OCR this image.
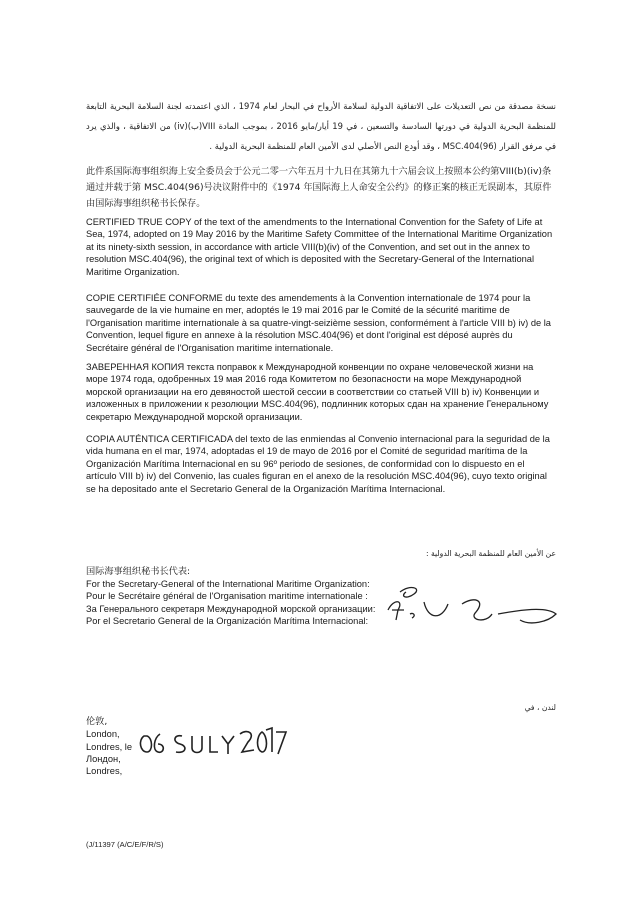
نسخة مصدقة من نص التعديلات على الاتفاقية الدولية لسلامة الأرواح في البحار لعام 1974 ، الذي اعتمدته لجنة السلامة البحرية التابعة للمنظمة البحرية الدولية في دورتها السادسة والتسعين ، في 19 أيار/مايو 2016 ، بموجب المادة VIII(ب)(iv) من الاتفاقية ، والذي يرد في مرفق القرار MSC.404(96) ، وقد أودع النص الأصلي لدى الأمين العام للمنظمة البحرية الدولية .
此件系国际海事组织海上安全委员会于公元二零一六年五月十九日在其第九十六届会议上按照本公约第VIII(b)(iv)条通过并载于第 MSC.404(96)号决议附件中的《1974 年国际海上人命安全公约》的修正案的核正无误副本，其原件由国际海事组织秘书长保存。
CERTIFIED TRUE COPY of the text of the amendments to the International Convention for the Safety of Life at Sea, 1974, adopted on 19 May 2016 by the Maritime Safety Committee of the International Maritime Organization at its ninety-sixth session, in accordance with article VIII(b)(iv) of the Convention, and set out in the annex to resolution MSC.404(96), the original text of which is deposited with the Secretary-General of the International Maritime Organization.
COPIE CERTIFIÉE CONFORME du texte des amendements à la Convention internationale de 1974 pour la sauvegarde de la vie humaine en mer, adoptés le 19 mai 2016 par le Comité de la sécurité maritime de l'Organisation maritime internationale à sa quatre-vingt-seizième session, conformément à l'article VIII b) iv) de la Convention, lequel figure en annexe à la résolution MSC.404(96) et dont l'original est déposé auprès du Secrétaire général de l'Organisation maritime internationale.
ЗАВЕРЕННАЯ КОПИЯ текста поправок к Международной конвенции по охране человеческой жизни на море 1974 года, одобренных 19 мая 2016 года Комитетом по безопасности на море Международной морской организации на его девяностой шестой сессии в соответствии со статьей VIII b) iv) Конвенции и изложенных в приложении к резолюции MSC.404(96), подлинник которых сдан на хранение Генеральному секретарю Международной морской организации.
COPIA AUTÉNTICA CERTIFICADA del texto de las enmiendas al Convenio internacional para la seguridad de la vida humana en el mar, 1974, adoptadas el 19 de mayo de 2016 por el Comité de seguridad marítima de la Organización Marítima Internacional en su 96º periodo de sesiones, de conformidad con lo dispuesto en el artículo VIII b) iv) del Convenio, las cuales figuran en el anexo de la resolución MSC.404(96), cuyo texto original se ha depositado ante el Secretario General de la Organización Marítima Internacional.
عن الأمين العام للمنظمة البحرية الدولية :
国际海事组织秘书长代表:
For the Secretary-General of the International Maritime Organization:
Pour le Secrétaire général de l'Organisation maritime internationale :
За Генерального секретаря Международной морской организации:
Por el Secretario General de la Organización Marítima Internacional:
لندن ، في
伦敦,
London,
Londres, le
Лондон,
Londres,
(J/11397 (A/C/E/F/R/S)
